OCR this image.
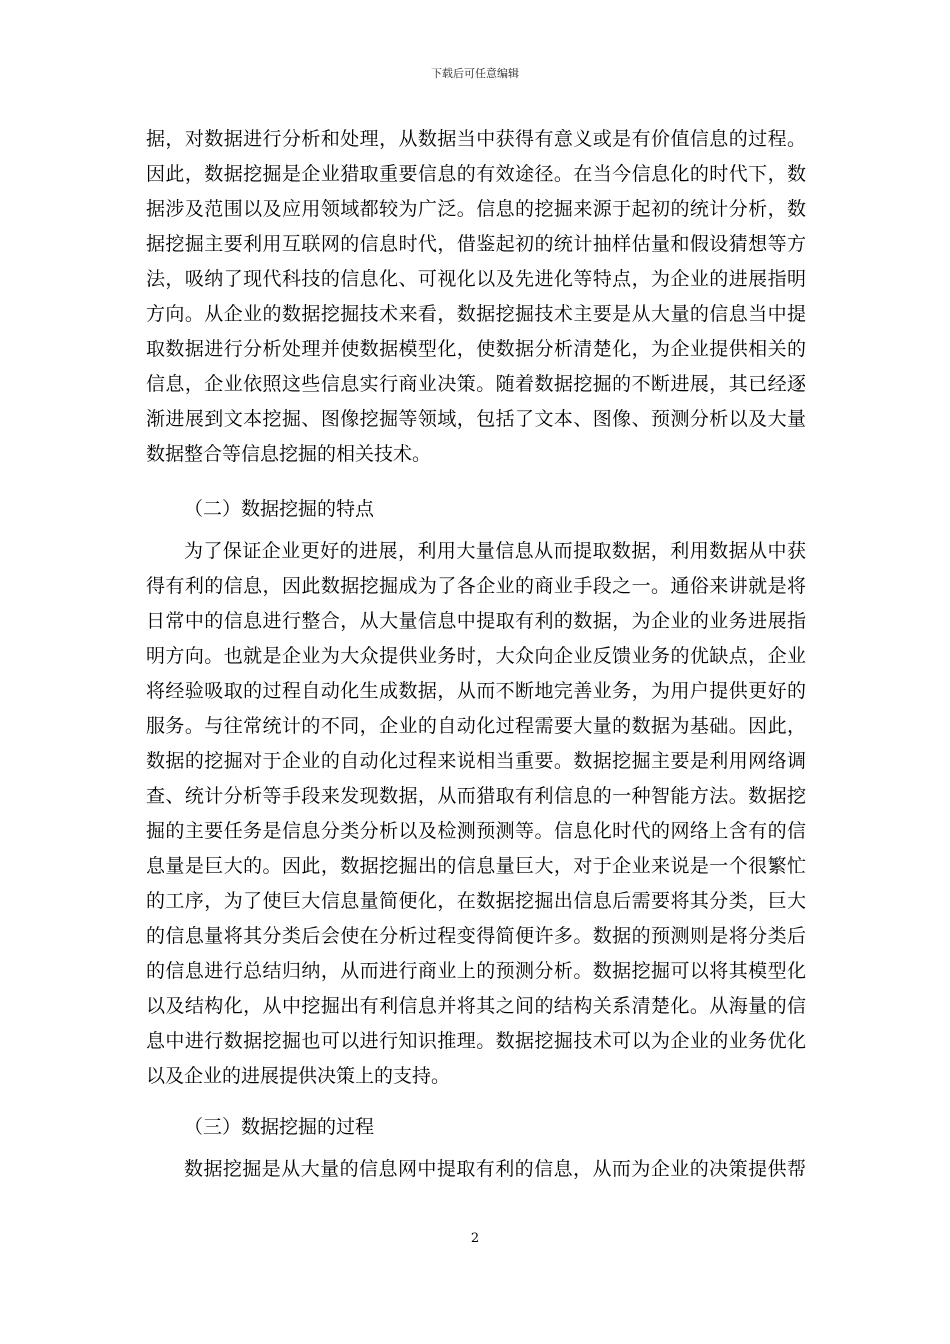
下载后可任意编辑
据，对数据进行分析和处理，从数据当中获得有意义或是有价值信息的过程。
因此，数据挖掘是企业猎取重要信息的有效途径。在当今信息化的时代下，数
据涉及范围以及应用领域都较为广泛。信息的挖掘来源于起初的统计分析，数
据挖掘主要利用互联网的信息时代，借鉴起初的统计抽样估量和假设猜想等方
法，吸纳了现代科技的信息化、可视化以及先进化等特点，为企业的进展指明
方向。从企业的数据挖掘技术来看，数据挖掘技术主要是从大量的信息当中提
取数据进行分析处理并使数据模型化，使数据分析清楚化，为企业提供相关的
信息，企业依照这些信息实行商业决策。随着数据挖掘的不断进展，其已经逐
渐进展到文本挖掘、图像挖掘等领域，包括了文本、图像、预测分析以及大量
数据整合等信息挖掘的相关技术。
（二）数据挖掘的特点
为了保证企业更好的进展，利用大量信息从而提取数据，利用数据从中获
得有利的信息，因此数据挖掘成为了各企业的商业手段之一。通俗来讲就是将
日常中的信息进行整合，从大量信息中提取有利的数据，为企业的业务进展指
明方向。也就是企业为大众提供业务时，大众向企业反馈业务的优缺点，企业
将经验吸取的过程自动化生成数据，从而不断地完善业务，为用户提供更好的
服务。与往常统计的不同，企业的自动化过程需要大量的数据为基础。因此，
数据的挖掘对于企业的自动化过程来说相当重要。数据挖掘主要是利用网络调
查、统计分析等手段来发现数据，从而猎取有利信息的一种智能方法。数据挖
掘的主要任务是信息分类分析以及检测预测等。信息化时代的网络上含有的信
息量是巨大的。因此，数据挖掘出的信息量巨大，对于企业来说是一个很繁忙
的工序，为了使巨大信息量简便化，在数据挖掘出信息后需要将其分类，巨大
的信息量将其分类后会使在分析过程变得简便许多。数据的预测则是将分类后
的信息进行总结归纳，从而进行商业上的预测分析。数据挖掘可以将其模型化
以及结构化，从中挖掘出有利信息并将其之间的结构关系清楚化。从海量的信
息中进行数据挖掘也可以进行知识推理。数据挖掘技术可以为企业的业务优化
以及企业的进展提供决策上的支持。
（三）数据挖掘的过程
数据挖掘是从大量的信息网中提取有利的信息，从而为企业的决策提供帮
2
